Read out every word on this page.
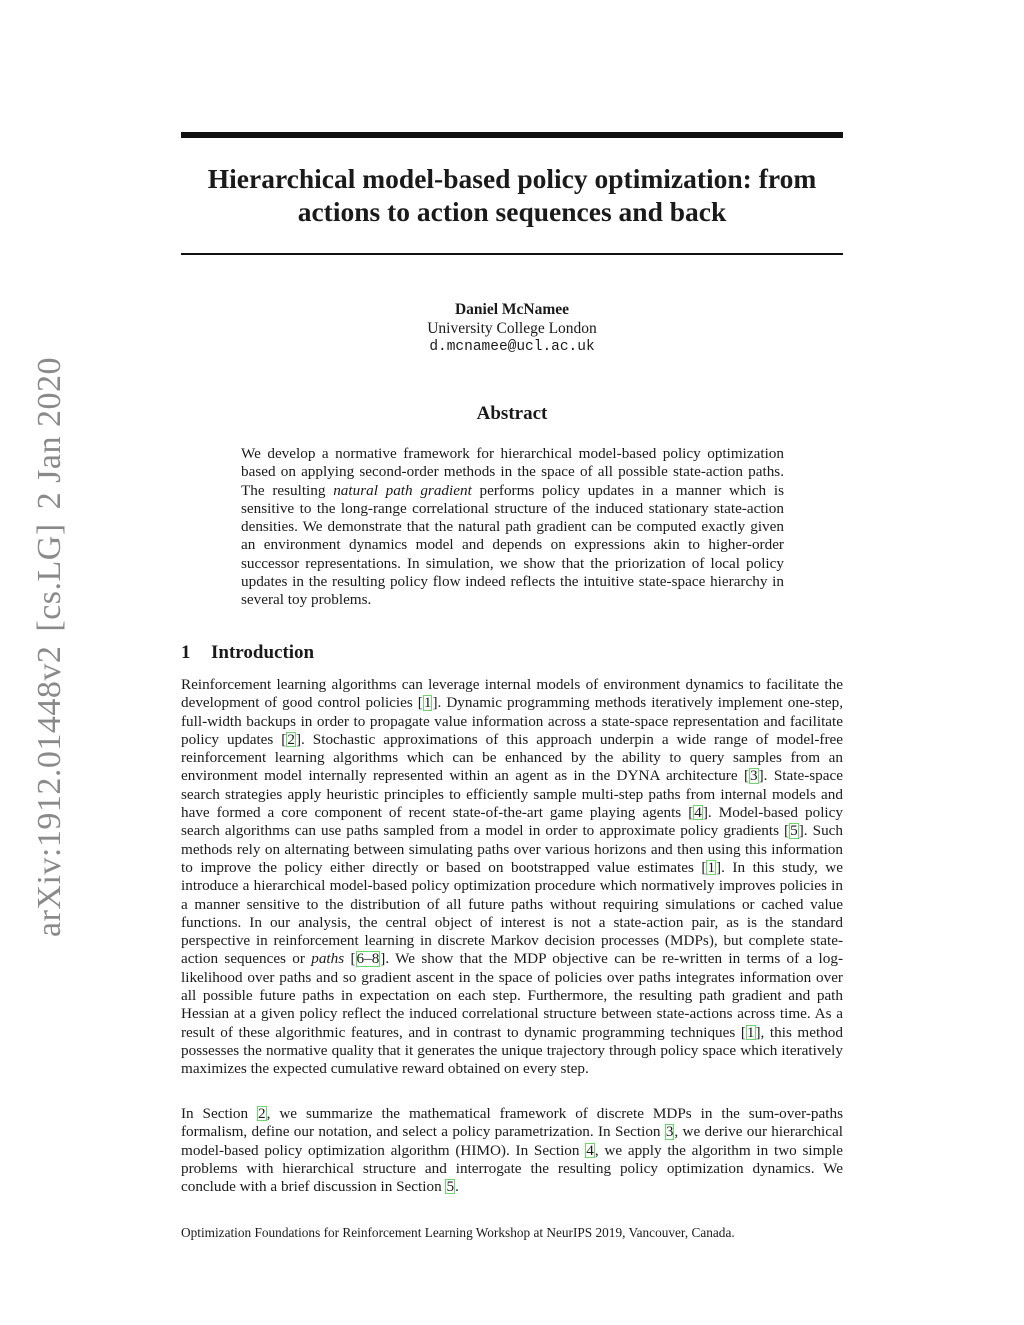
arXiv:1912.01448v2[cs.LG]2 Jan 2020
Hierarchical model-based policy optimization: from
actions to action sequences and back
Daniel McNamee
University College London
d.mcnamee@ucl.ac.uk
Abstract

We develop a normative framework for hierarchical model-based policy optimization based on applying second-order methods in the space of all possible state-action paths. The resulting natural path gradient performs policy updates in a manner which is sensitive to the long-range correlational structure of the induced stationary state-action densities. We demonstrate that the natural path gradient can be computed exactly given an environment dynamics model and depends on expressions akin to higher-order successor representations. In simulation, we show that the priorization of local policy updates in the resulting policy flow indeed reflects the intuitive state-space hierarchy in several toy problems.

1 Introduction

Reinforcement learning algorithms can leverage internal models of environment dynamics to facilitate the development of good control policies [1]. Dynamic programming methods iteratively implement one-step, full-width backups in order to propagate value information across a state-space representation and facilitate policy updates [2]. Stochastic approximations of this approach underpin a wide range of model-free reinforcement learning algorithms which can be enhanced by the ability to query samples from an environment model internally represented within an agent as in the DYNA architecture [3]. State-space search strategies apply heuristic principles to efficiently sample multi-step paths from internal models and have formed a core component of recent state-of-the-art game playing agents [4]. Model-based policy search algorithms can use paths sampled from a model in order to approximate policy gradients [5]. Such methods rely on alternating between simulating paths over various horizons and then using this information to improve the policy either directly or based on bootstrapped value estimates [1]. In this study, we introduce a hierarchical model-based policy optimization procedure which normatively improves policies in a manner sensitive to the distribution of all future paths without requiring simulations or cached value functions. In our analysis, the central object of interest is not a state-action pair, as is the standard perspective in reinforcement learning in discrete Markov decision processes (MDPs), but complete state-action sequences or paths [6–8]. We show that the MDP objective can be re-written in terms of a log-likelihood over paths and so gradient ascent in the space of policies over paths integrates information over all possible future paths in expectation on each step. Furthermore, the resulting path gradient and path Hessian at a given policy reflect the induced correlational structure between state-actions across time. As a result of these algorithmic features, and in contrast to dynamic programming techniques [1], this method possesses the normative quality that it generates the unique trajectory through policy space which iteratively maximizes the expected cumulative reward obtained on every step.

In Section 2, we summarize the mathematical framework of discrete MDPs in the sum-over-paths formalism, define our notation, and select a policy parametrization. In Section 3, we derive our hierarchical model-based policy optimization algorithm (HIMO). In Section 4, we apply the algorithm in two simple problems with hierarchical structure and interrogate the resulting policy optimization dynamics. We conclude with a brief discussion in Section 5.

Optimization Foundations for Reinforcement Learning Workshop at NeurIPS 2019, Vancouver, Canada.
